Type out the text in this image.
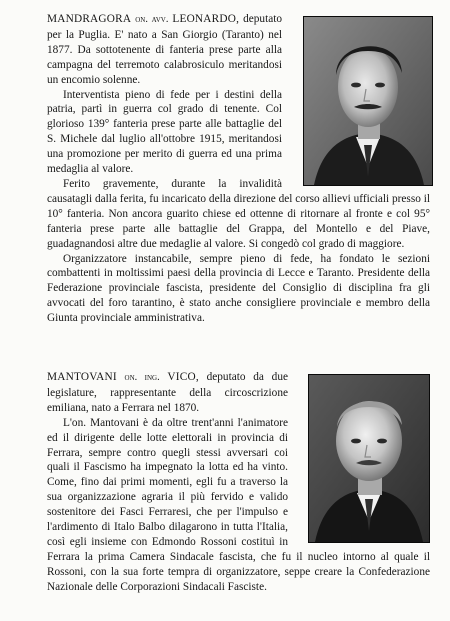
MANDRAGORA on. avv. LEONARDO, deputato per la Puglia. E' nato a San Giorgio (Taranto) nel 1877. Da sottotenente di fanteria prese parte alla campagna del terremoto calabrosiculo meritandosi un encomio solenne.

Interventista pieno di fede per i destini della patria, partì in guerra col grado di tenente. Col glorioso 139° fanteria prese parte alle battaglie del S. Michele dal luglio all'ottobre 1915, meritandosi una promozione per merito di guerra ed una prima medaglia al valore.

Ferito gravemente, durante la invalidità causatagli dalla ferita, fu incaricato della direzione del corso allievi ufficiali presso il 10° fanteria. Non ancora guarito chiese ed ottenne di ritornare al fronte e col 95° fanteria prese parte alle battaglie del Grappa, del Montello e del Piave, guadagnandosi altre due medaglie al valore. Si congedò col grado di maggiore.

Organizzatore instancabile, sempre pieno di fede, ha fondato le sezioni combattenti in moltissimi paesi della provincia di Lecce e Taranto. Presidente della Federazione provinciale fascista, presidente del Consiglio di disciplina fra gli avvocati del foro tarantino, è stato anche consigliere provinciale e membro della Giunta provinciale amministrativa.

MANTOVANI on. ing. VICO, deputato da due legislature, rappresentante della circoscrizione emiliana, nato a Ferrara nel 1870.

L'on. Mantovani è da oltre trent'anni l'animatore ed il dirigente delle lotte elettorali in provincia di Ferrara, sempre contro quegli stessi avversari coi quali il Fascismo ha impegnato la lotta ed ha vinto. Come, fino dai primi momenti, egli fu a traverso la sua organizzazione agraria il più fervido e valido sostenitore dei Fasci Ferraresi, che per l'impulso e l'ardimento di Italo Balbo dilagarono in tutta l'Italia, così egli insieme con Edmondo Rossoni costituì in Ferrara la prima Camera Sindacale fascista, che fu il nucleo intorno al quale il Rossoni, con la sua forte tempra di organizzatore, seppe creare la Confederazione Nazionale delle Corporazioni Sindacali Fasciste.
